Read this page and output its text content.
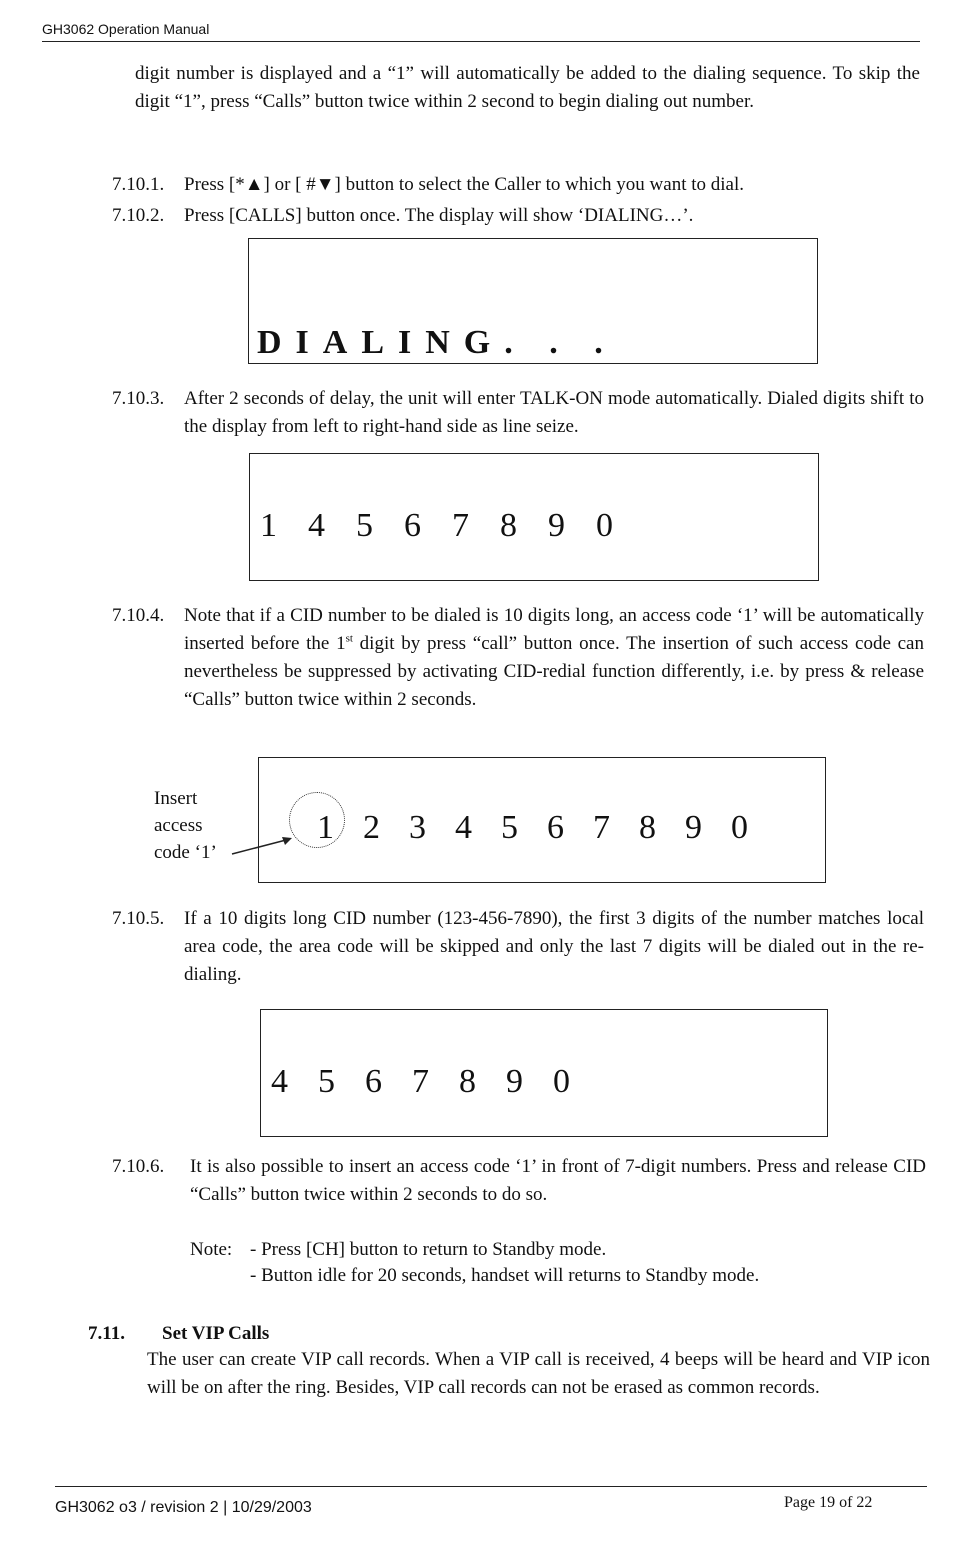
GH3062 Operation Manual
digit number is displayed and a “1” will automatically be added to the dialing sequence. To skip the digit “1”, press “Calls” button twice within 2 second to begin dialing out number.
7.10.1. Press [*▲] or [ #▼] button to select the Caller to which you want to dial.
7.10.2. Press [CALLS] button once. The display will show ‘DIALING…’.
DIALING. . .
7.10.3. After 2 seconds of delay, the unit will enter TALK-ON mode automatically. Dialed digits shift to the display from left to right-hand side as line seize.
1 4 5 6 7 8 9 0
7.10.4. Note that if a CID number to be dialed is 10 digits long, an access code ‘1’ will be automatically inserted before the 1st digit by press “call” button once. The insertion of such access code can nevertheless be suppressed by activating CID-redial function differently, i.e. by press & release “Calls” button twice within 2 seconds.
Insert
access
code ‘1’
1 2 3 4 5 6 7 8 9 0
7.10.5. If a 10 digits long CID number (123-456-7890), the first 3 digits of the number matches local area code, the area code will be skipped and only the last 7 digits will be dialed out in the re-dialing.
4 5 6 7 8 9 0
7.10.6. It is also possible to insert an access code ‘1’ in front of 7-digit numbers. Press and release CID “Calls” button twice within 2 seconds to do so.
Note: - Press [CH] button to return to Standby mode.
- Button idle for 20 seconds, handset will returns to Standby mode.
7.11. Set VIP Calls
The user can create VIP call records. When a VIP call is received, 4 beeps will be heard and VIP icon will be on after the ring. Besides, VIP call records can not be erased as common records.
GH3062 o3 / revision 2 | 10/29/2003	Page 19 of 22
